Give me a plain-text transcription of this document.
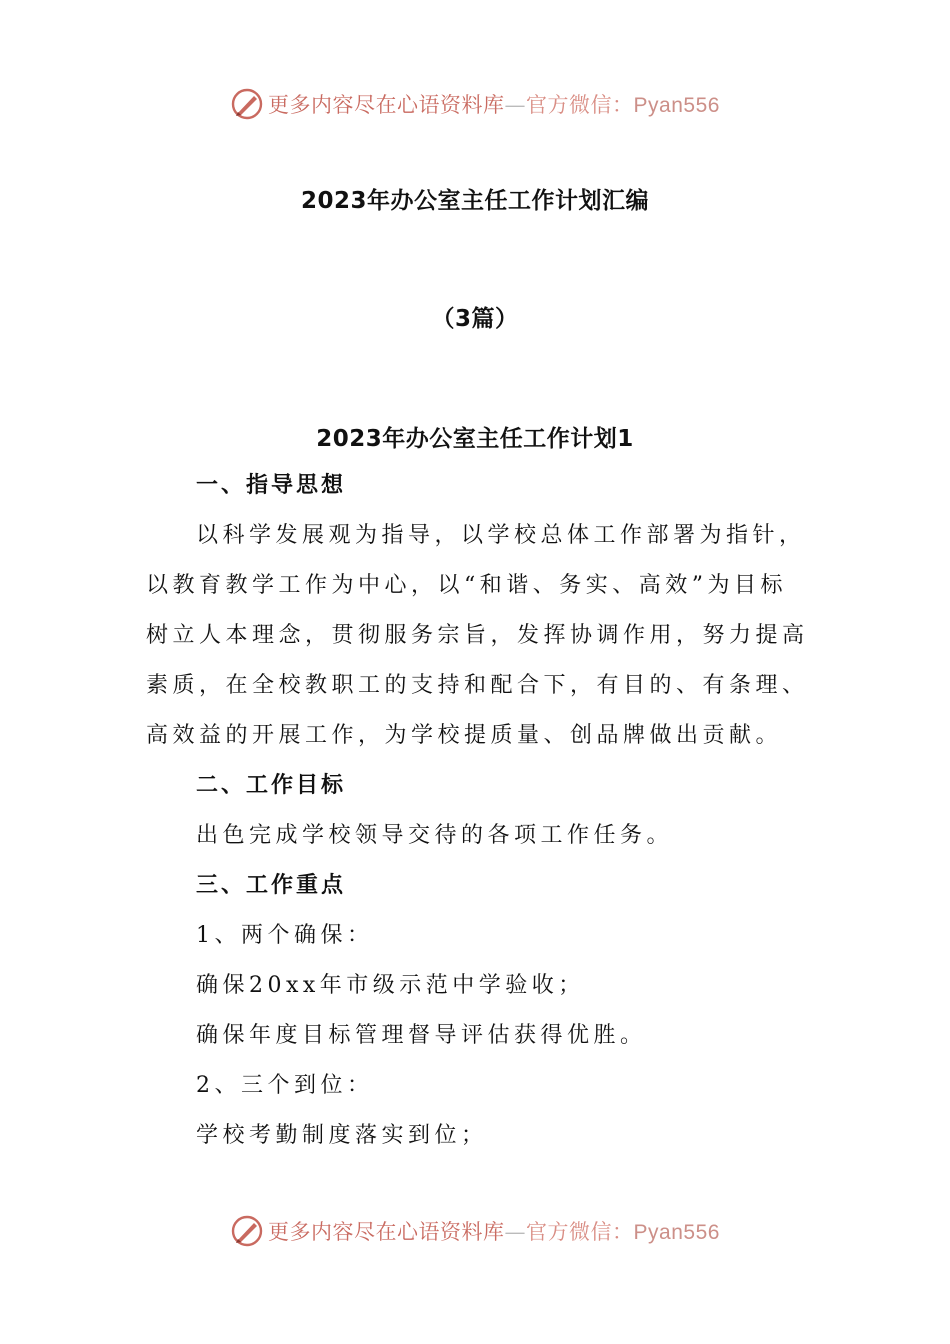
更多内容尽在心语资料库—官方微信：Pyan556
2023年办公室主任工作计划汇编
（3篇）
2023年办公室主任工作计划1
一、指导思想
以科学发展观为指导，以学校总体工作部署为指针，
以教育教学工作为中心，以“和谐、务实、高效”为目标
树立人本理念，贯彻服务宗旨，发挥协调作用，努力提高
素质，在全校教职工的支持和配合下，有目的、有条理、
高效益的开展工作，为学校提质量、创品牌做出贡献。
二、工作目标
出色完成学校领导交待的各项工作任务。
三、工作重点
1、两个确保：
确保20xx年市级示范中学验收；
确保年度目标管理督导评估获得优胜。
2、三个到位：
学校考勤制度落实到位；
更多内容尽在心语资料库—官方微信：Pyan556
